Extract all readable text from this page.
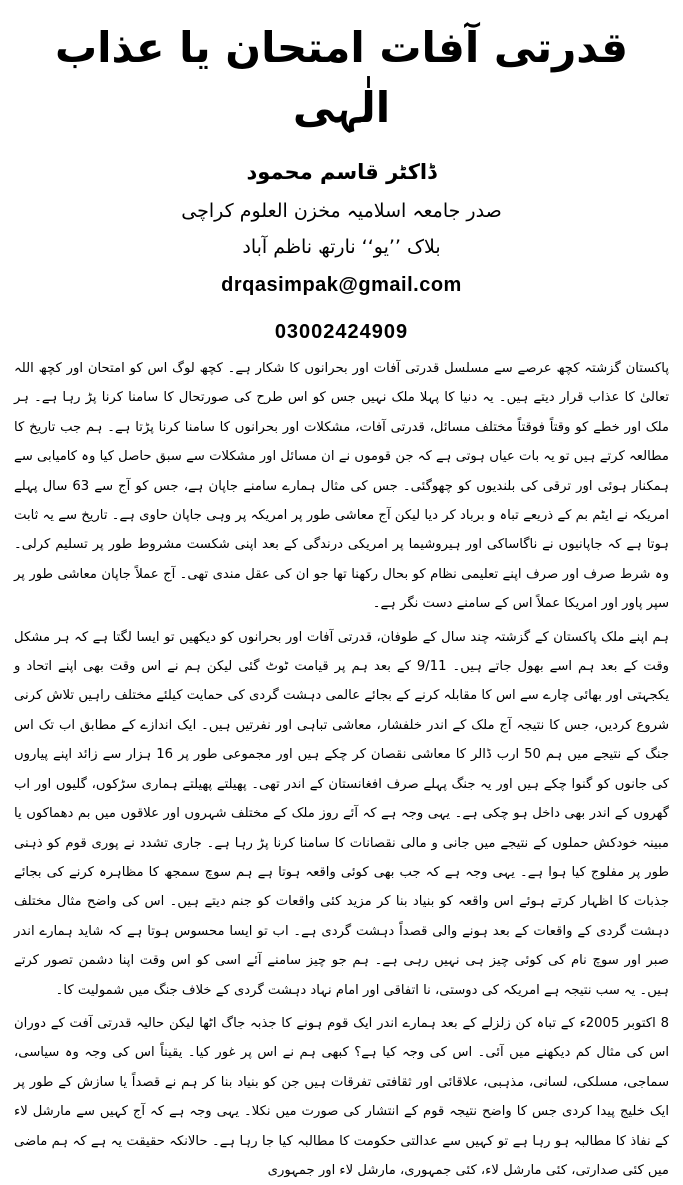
قدرتی آفات امتحان یا عذاب الٰہی
ڈاکٹر قاسم محمود
صدر جامعہ اسلامیہ مخزن العلوم کراچی
بلاک ’’یو‘‘ نارتھ ناظم آباد
drqasimpak@gmail.com
03002424909

پاکستان گزشتہ کچھ عرصے سے مسلسل قدرتی آفات اور بحرانوں کا شکار ہے۔ کچھ لوگ اس کو امتحان اور کچھ اللہ تعالیٰ کا عذاب قرار دیتے ہیں۔ یہ دنیا کا پہلا ملک نہیں جس کو اس طرح کی صورتحال کا سامنا کرنا پڑ رہا ہے۔ ہر ملک اور خطے کو وقتاً فوقتاً مختلف مسائل، قدرتی آفات، مشکلات اور بحرانوں کا سامنا کرنا پڑتا ہے۔ ہم جب تاریخ کا مطالعہ کرتے ہیں تو یہ بات عیاں ہوتی ہے کہ جن قوموں نے ان مسائل اور مشکلات سے سبق حاصل کیا وہ کامیابی سے ہمکنار ہوئی اور ترقی کی بلندیوں کو چھوگئی۔ جس کی مثال ہمارے سامنے جاپان ہے، جس کو آج سے 63 سال پہلے امریکہ نے ایٹم بم کے ذریعے تباہ و برباد کر دیا لیکن آج معاشی طور پر امریکہ پر وہی جاپان حاوی ہے۔ تاریخ سے یہ ثابت ہوتا ہے کہ جاپانیوں نے ناگاساکی اور ہیروشیما پر امریکی درندگی کے بعد اپنی شکست مشروط طور پر تسلیم کرلی۔ وہ شرط صرف اور صرف اپنے تعلیمی نظام کو بحال رکھنا تھا جو ان کی عقل مندی تھی۔ آج عملاً جاپان معاشی طور پر سپر پاور اور امریکا عملاً اس کے سامنے دست نگر ہے۔

ہم اپنے ملک پاکستان کے گزشتہ چند سال کے طوفان، قدرتی آفات اور بحرانوں کو دیکھیں تو ایسا لگتا ہے کہ ہر مشکل وقت کے بعد ہم اسے بھول جاتے ہیں۔ 9/11 کے بعد ہم پر قیامت ٹوٹ گئی لیکن ہم نے اس وقت بھی اپنے اتحاد و یکجہتی اور بھائی چارے سے اس کا مقابلہ کرنے کے بجائے عالمی دہشت گردی کی حمایت کیلئے مختلف راہیں تلاش کرنی شروع کردیں، جس کا نتیجہ آج ملک کے اندر خلفشار، معاشی تباہی اور نفرتیں ہیں۔ ایک اندازے کے مطابق اب تک اس جنگ کے نتیجے میں ہم 50 ارب ڈالر کا معاشی نقصان کر چکے ہیں اور مجموعی طور پر 16 ہزار سے زائد اپنے پیاروں کی جانوں کو گنوا چکے ہیں اور یہ جنگ پہلے صرف افغانستان کے اندر تھی۔ پھیلتے پھیلتے ہماری سڑکوں، گلیوں اور اب گھروں کے اندر بھی داخل ہو چکی ہے۔ یہی وجہ ہے کہ آئے روز ملک کے مختلف شہروں اور علاقوں میں بم دھماکوں یا مبینہ خودکش حملوں کے نتیجے میں جانی و مالی نقصانات کا سامنا کرنا پڑ رہا ہے۔ جاری تشدد نے پوری قوم کو ذہنی طور پر مفلوج کیا ہوا ہے۔ یہی وجہ ہے کہ جب بھی کوئی واقعہ ہوتا ہے ہم سوچ سمجھ کا مظاہرہ کرنے کی بجائے جذبات کا اظہار کرتے ہوئے اس واقعہ کو بنیاد بنا کر مزید کئی واقعات کو جنم دیتے ہیں۔ اس کی واضح مثال مختلف دہشت گردی کے واقعات کے بعد ہونے والی قصداً دہشت گردی ہے۔ اب تو ایسا محسوس ہوتا ہے کہ شاید ہمارے اندر صبر اور سوچ نام کی کوئی چیز ہی نہیں رہی ہے۔ ہم جو چیز سامنے آئے اسی کو اس وقت اپنا دشمن تصور کرتے ہیں۔ یہ سب نتیجہ ہے امریکہ کی دوستی، نا اتفاقی اور امام نہاد دہشت گردی کے خلاف جنگ میں شمولیت کا۔

8 اکتوبر 2005ء کے تباہ کن زلزلے کے بعد ہمارے اندر ایک قوم ہونے کا جذبہ جاگ اٹھا لیکن حالیہ قدرتی آفت کے دوران اس کی مثال کم دیکھنے میں آئی۔ اس کی وجہ کیا ہے؟ کبھی ہم نے اس پر غور کیا۔ یقیناً اس کی وجہ وہ سیاسی، سماجی، مسلکی، لسانی، مذہبی، علاقائی اور ثقافتی تفرقات ہیں جن کو بنیاد بنا کر ہم نے قصداً یا سازش کے طور پر ایک خلیج پیدا کردی جس کا واضح نتیجہ قوم کے انتشار کی صورت میں نکلا۔ یہی وجہ ہے کہ آج کہیں سے مارشل لاء کے نفاذ کا مطالبہ ہو رہا ہے تو کہیں سے عدالتی حکومت کا مطالبہ کیا جا رہا ہے۔ حالانکہ حقیقت یہ ہے کہ ہم ماضی میں کئی صدارتی، کئی مارشل لاء، کئی جمہوری، مارشل لاء اور جمہوری
